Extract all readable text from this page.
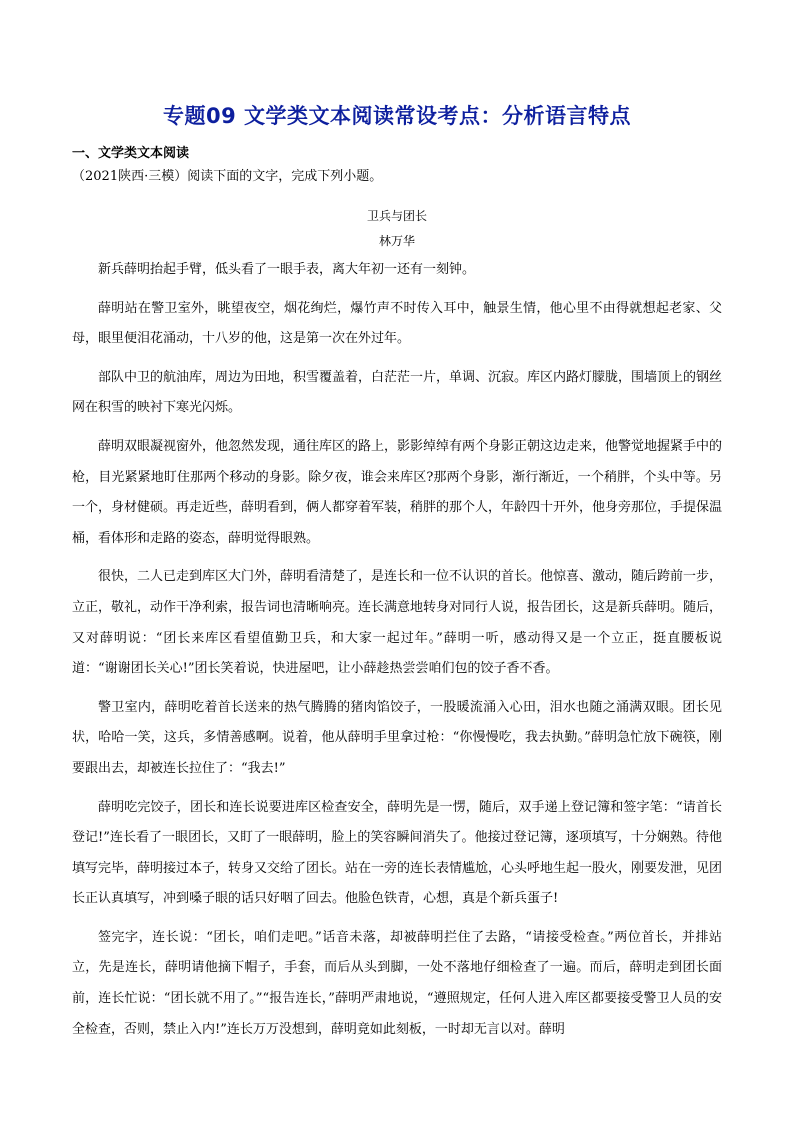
专题09 文学类文本阅读常设考点：分析语言特点
一、文学类文本阅读
（2021陕西·三模）阅读下面的文字，完成下列小题。
卫兵与团长
林万华

新兵薛明抬起手臂，低头看了一眼手表，离大年初一还有一刻钟。

薛明站在警卫室外，眺望夜空，烟花绚烂，爆竹声不时传入耳中，触景生情，他心里不由得就想起老家、父母，眼里便泪花涌动，十八岁的他，这是第一次在外过年。

部队中卫的航油库，周边为田地，积雪覆盖着，白茫茫一片，单调、沉寂。库区内路灯朦胧，围墙顶上的钢丝网在积雪的映衬下寒光闪烁。

薛明双眼凝视窗外，他忽然发现，通往库区的路上，影影绰绰有两个身影正朝这边走来，他警觉地握紧手中的枪，目光紧紧地盯住那两个移动的身影。除夕夜，谁会来库区?那两个身影，渐行渐近，一个稍胖，个头中等。另一个，身材健硕。再走近些，薛明看到，俩人都穿着军装，稍胖的那个人，年龄四十开外，他身旁那位，手提保温桶，看体形和走路的姿态，薛明觉得眼熟。

很快，二人已走到库区大门外，薛明看清楚了，是连长和一位不认识的首长。他惊喜、激动，随后跨前一步，立正，敬礼，动作干净利索，报告词也清晰响亮。连长满意地转身对同行人说，报告团长，这是新兵薛明。随后，又对薛明说：“团长来库区看望值勤卫兵，和大家一起过年。”薛明一听，感动得又是一个立正，挺直腰板说道：“谢谢团长关心!”团长笑着说，快进屋吧，让小薛趁热尝尝咱们包的饺子香不香。

警卫室内，薛明吃着首长送来的热气腾腾的猪肉馅饺子，一股暖流涌入心田，泪水也随之涌满双眼。团长见状，哈哈一笑，这兵，多情善感啊。说着，他从薛明手里拿过枪：“你慢慢吃，我去执勤。”薛明急忙放下碗筷，刚要跟出去，却被连长拉住了：“我去!”

薛明吃完饺子，团长和连长说要进库区检查安全，薛明先是一愣，随后，双手递上登记簿和签字笔：“请首长登记!”连长看了一眼团长，又盯了一眼薛明，脸上的笑容瞬间消失了。他接过登记簿，逐项填写，十分娴熟。待他填写完毕，薛明接过本子，转身又交给了团长。站在一旁的连长表情尴尬，心头呼地生起一股火，刚要发泄，见团长正认真填写，冲到嗓子眼的话只好咽了回去。他脸色铁青，心想，真是个新兵蛋子!

签完字，连长说：“团长，咱们走吧。”话音未落，却被薛明拦住了去路，“请接受检查。”两位首长，并排站立，先是连长，薛明请他摘下帽子，手套，而后从头到脚，一处不落地仔细检查了一遍。而后，薛明走到团长面前，连长忙说：“团长就不用了。”“报告连长，”薛明严肃地说，“遵照规定，任何人进入库区都要接受警卫人员的安全检查，否则，禁止入内!”连长万万没想到，薛明竟如此刻板，一时却无言以对。薛明
